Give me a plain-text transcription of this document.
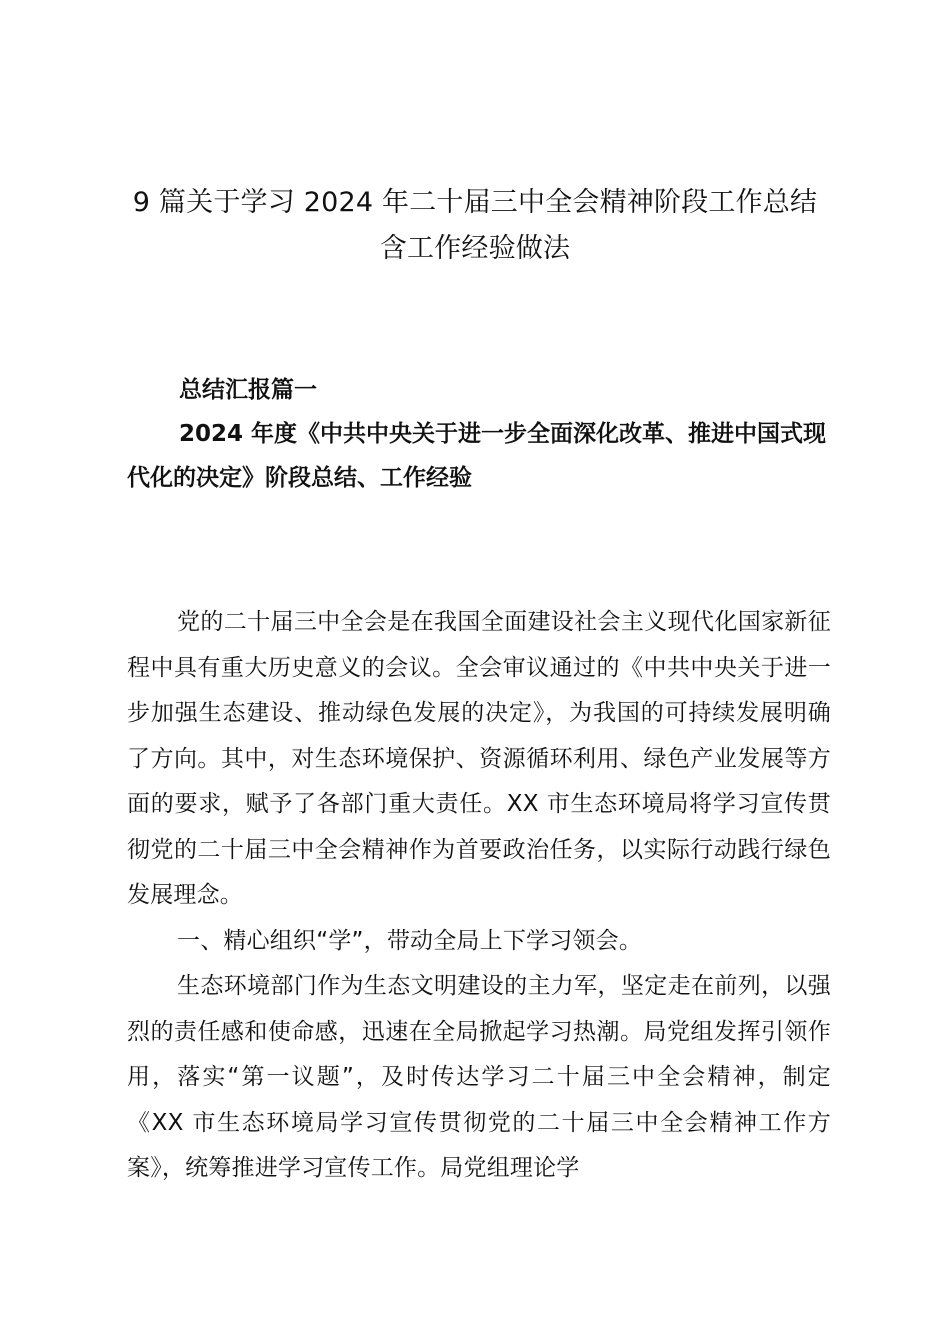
9 篇关于学习 2024 年二十届三中全会精神阶段工作总结含工作经验做法

总结汇报篇一

2024 年度《中共中央关于进一步全面深化改革、推进中国式现代化的决定》阶段总结、工作经验

党的二十届三中全会是在我国全面建设社会主义现代化国家新征程中具有重大历史意义的会议。全会审议通过的《中共中央关于进一步加强生态建设、推动绿色发展的决定》，为我国的可持续发展明确了方向。其中，对生态环境保护、资源循环利用、绿色产业发展等方面的要求，赋予了各部门重大责任。XX 市生态环境局将学习宣传贯彻党的二十届三中全会精神作为首要政治任务，以实际行动践行绿色发展理念。

一、精心组织“学”，带动全局上下学习领会。

生态环境部门作为生态文明建设的主力军，坚定走在前列，以强烈的责任感和使命感，迅速在全局掀起学习热潮。局党组发挥引领作用，落实“第一议题”，及时传达学习二十届三中全会精神，制定《XX 市生态环境局学习宣传贯彻党的二十届三中全会精神工作方案》，统筹推进学习宣传工作。局党组理论学
